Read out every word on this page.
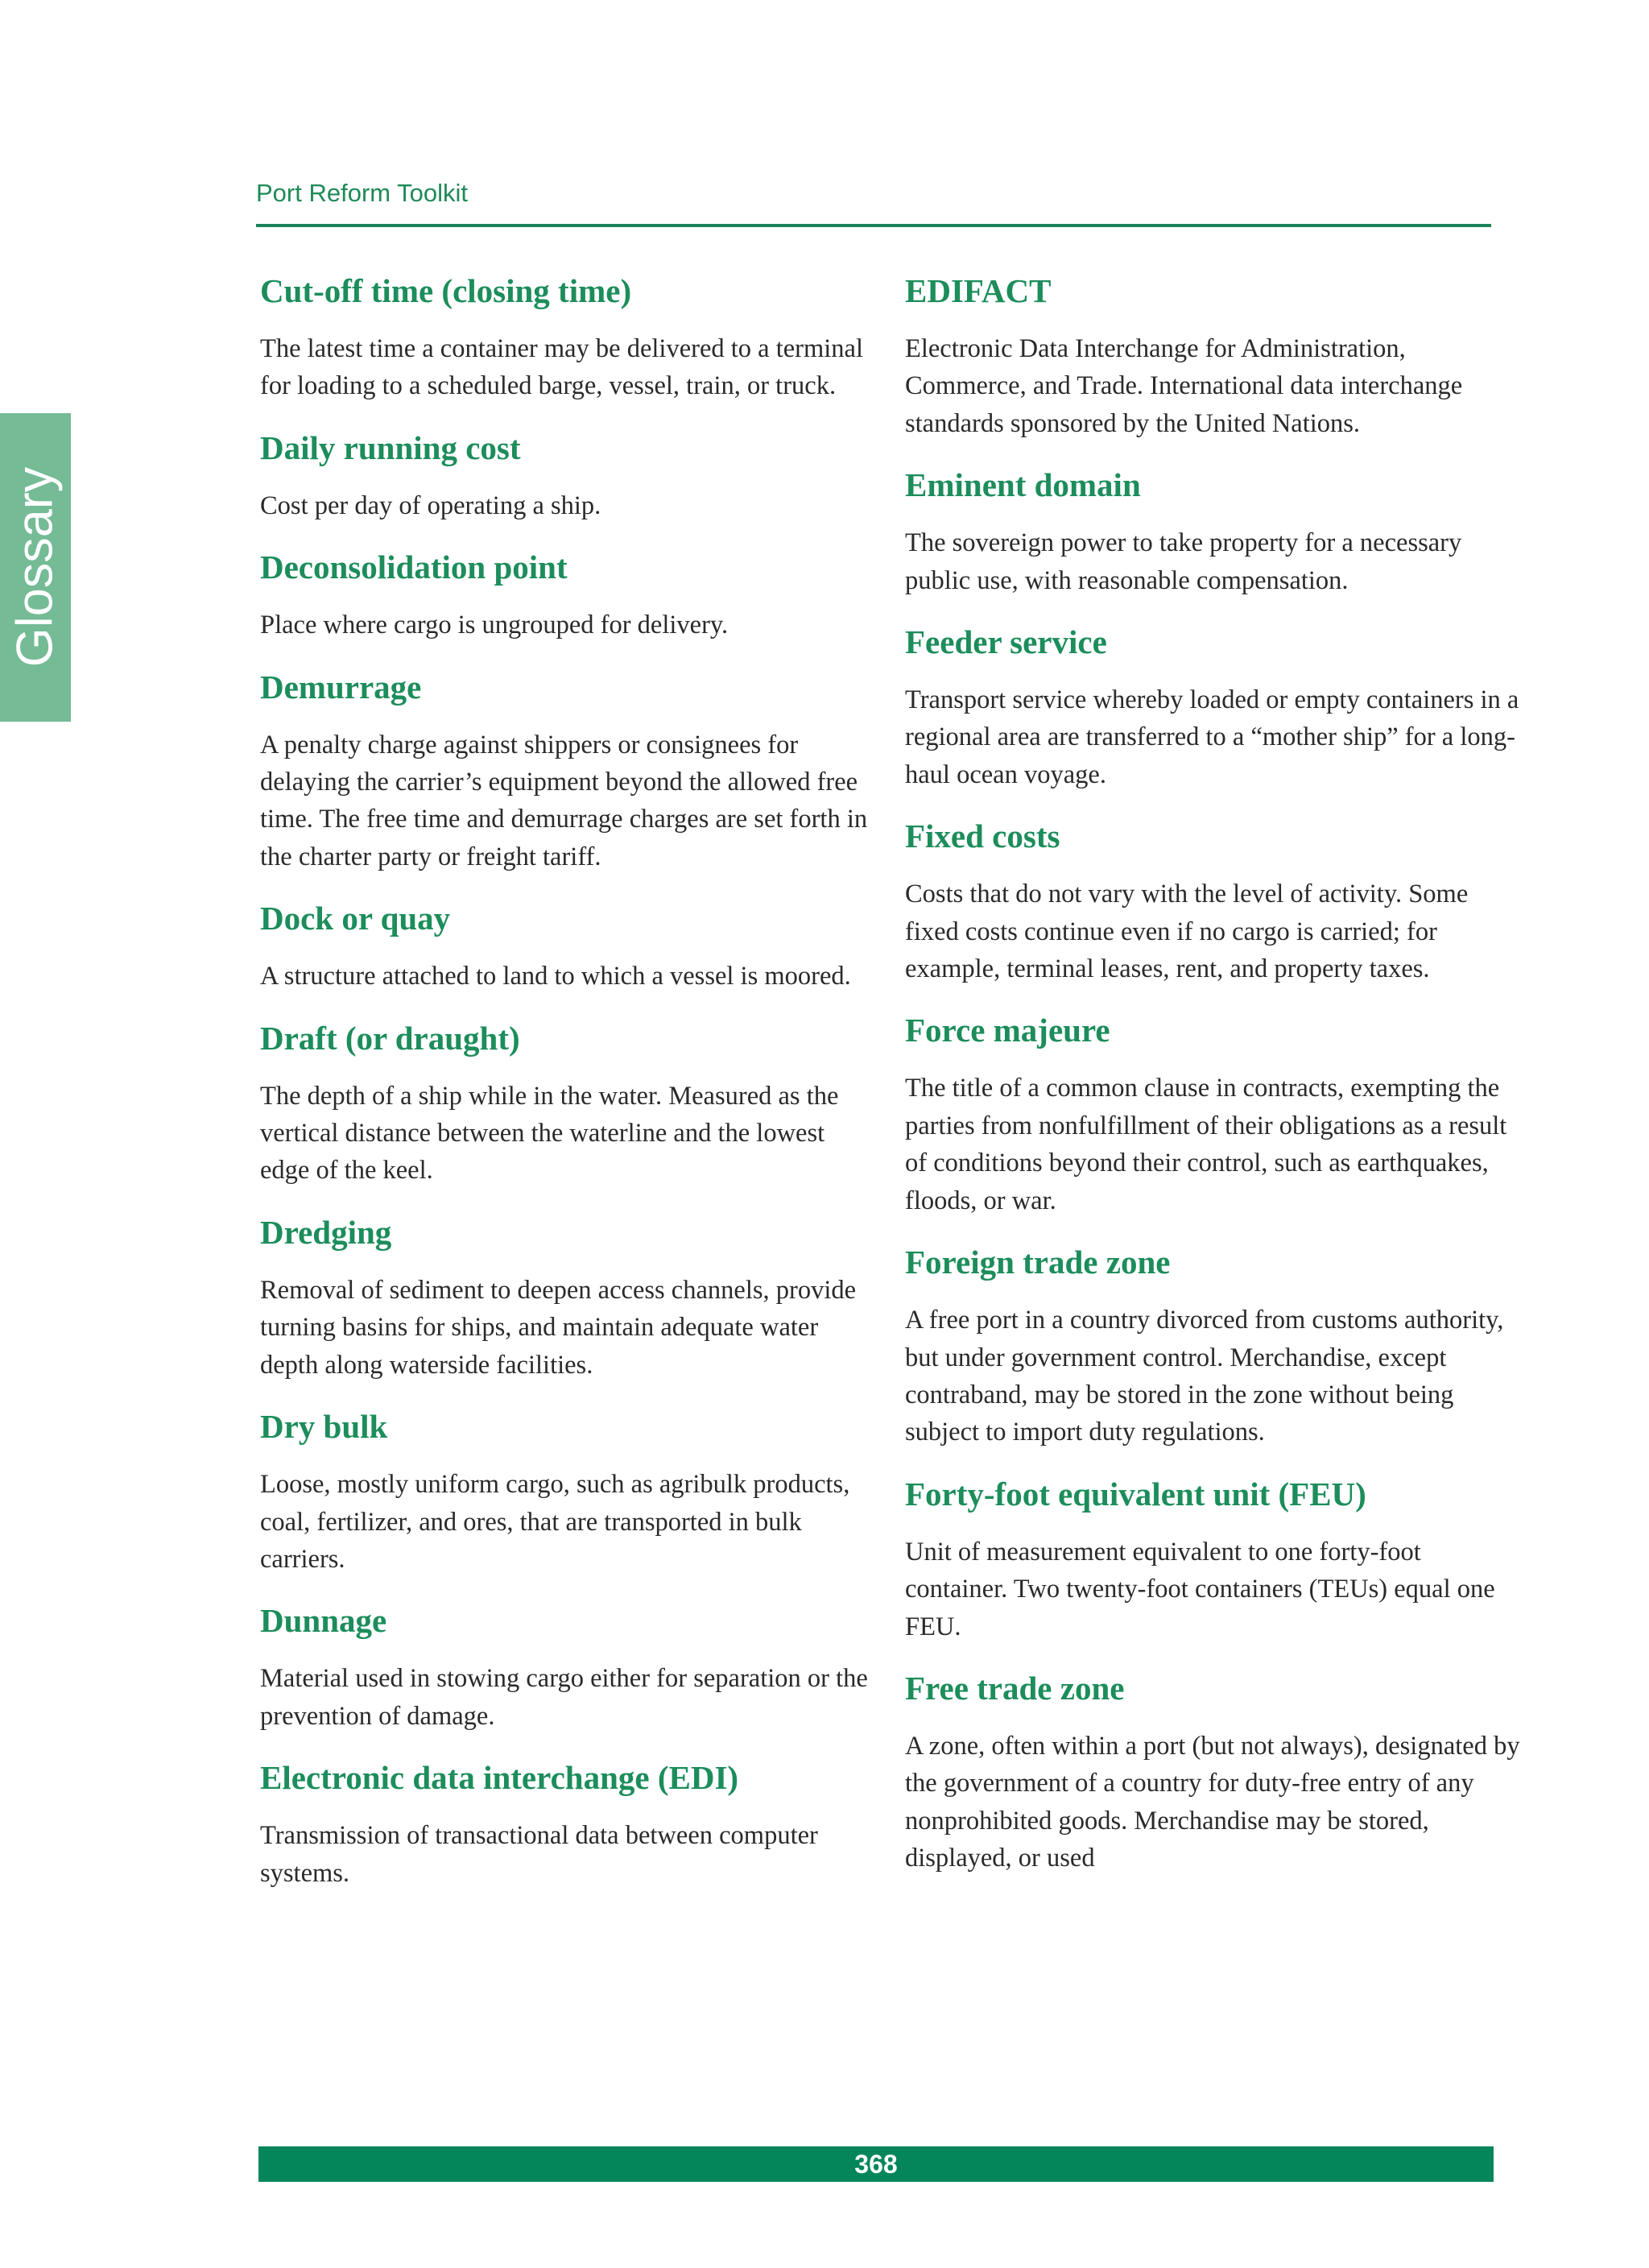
Port Reform Toolkit
Glossary
Cut-off time (closing time)

The latest time a container may be delivered to a terminal for loading to a scheduled barge, vessel, train, or truck.

Daily running cost

Cost per day of operating a ship.

Deconsolidation point

Place where cargo is ungrouped for delivery.

Demurrage

A penalty charge against shippers or consignees for delaying the carrier’s equipment beyond the allowed free time. The free time and demurrage charges are set forth in the charter party or freight tariff.

Dock or quay

A structure attached to land to which a vessel is moored.

Draft (or draught)

The depth of a ship while in the water. Measured as the vertical distance between the waterline and the lowest edge of the keel.

Dredging

Removal of sediment to deepen access channels, provide turning basins for ships, and maintain adequate water depth along waterside facilities.

Dry bulk

Loose, mostly uniform cargo, such as agribulk products, coal, fertilizer, and ores, that are transported in bulk carriers.

Dunnage

Material used in stowing cargo either for separation or the prevention of damage.

Electronic data interchange (EDI)

Transmission of transactional data between computer systems.

EDIFACT

Electronic Data Interchange for Administration, Commerce, and Trade. International data interchange standards sponsored by the United Nations.

Eminent domain

The sovereign power to take property for a necessary public use, with reasonable compensation.

Feeder service

Transport service whereby loaded or empty containers in a regional area are transferred to a “mother ship” for a long-haul ocean voyage.

Fixed costs

Costs that do not vary with the level of activity. Some fixed costs continue even if no cargo is carried; for example, terminal leases, rent, and property taxes.

Force majeure

The title of a common clause in contracts, exempting the parties from nonfulfillment of their obligations as a result of conditions beyond their control, such as earthquakes, floods, or war.

Foreign trade zone

A free port in a country divorced from customs authority, but under government control. Merchandise, except contraband, may be stored in the zone without being subject to import duty regulations.

Forty-foot equivalent unit (FEU)

Unit of measurement equivalent to one forty-foot container. Two twenty-foot containers (TEUs) equal one FEU.

Free trade zone

A zone, often within a port (but not always), designated by the government of a country for duty-free entry of any nonprohibited goods. Merchandise may be stored, displayed, or used

368
